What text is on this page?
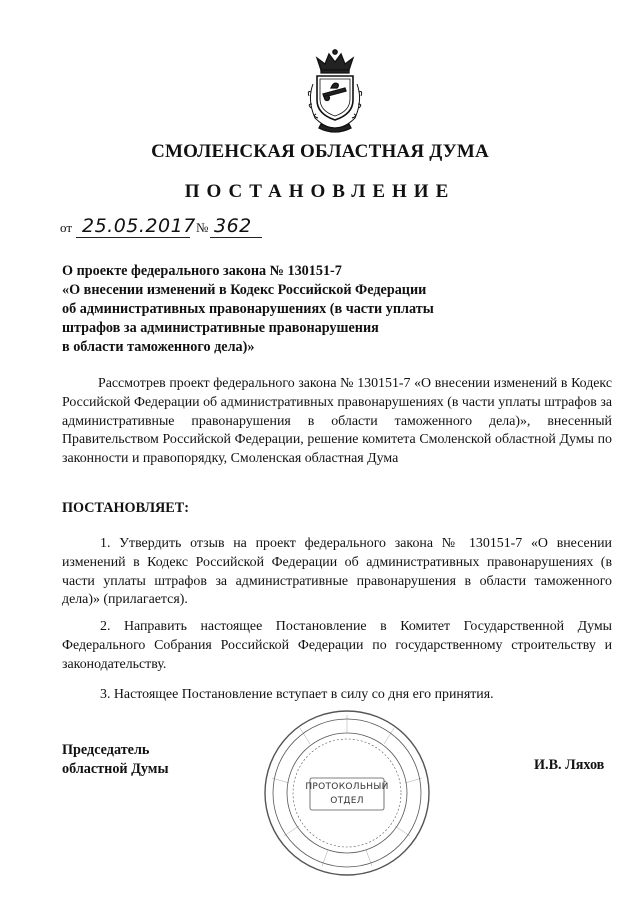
СМОЛЕНСКАЯ ОБЛАСТНАЯ ДУМА
ПОСТАНОВЛЕНИЕ
от 25.05.2017 № 362
О проекте федерального закона № 130151-7
«О внесении изменений в Кодекс Российской Федерации
об административных правонарушениях (в части уплаты
штрафов за административные правонарушения
в области таможенного дела)»
Рассмотрев проект федерального закона № 130151-7 «О внесении изменений в Кодекс Российской Федерации об административных правонарушениях (в части уплаты штрафов за административные правонарушения в области таможенного дела)», внесенный Правительством Российской Федерации, решение комитета Смоленской областной Думы по законности и правопорядку, Смоленская областная Дума
ПОСТАНОВЛЯЕТ:
1. Утвердить отзыв на проект федерального закона № 130151-7 «О внесении изменений в Кодекс Российской Федерации об административных правонарушениях (в части уплаты штрафов за административные правонарушения в области таможенного дела)» (прилагается).
2. Направить настоящее Постановление в Комитет Государственной Думы Федерального Собрания Российской Федерации по государственному строительству и законодательству.
3. Настоящее Постановление вступает в силу со дня его принятия.
Председатель
областной Думы
ПРОТОКОЛЬНЫЙ
ОТДЕЛ
И.В. Ляхов
